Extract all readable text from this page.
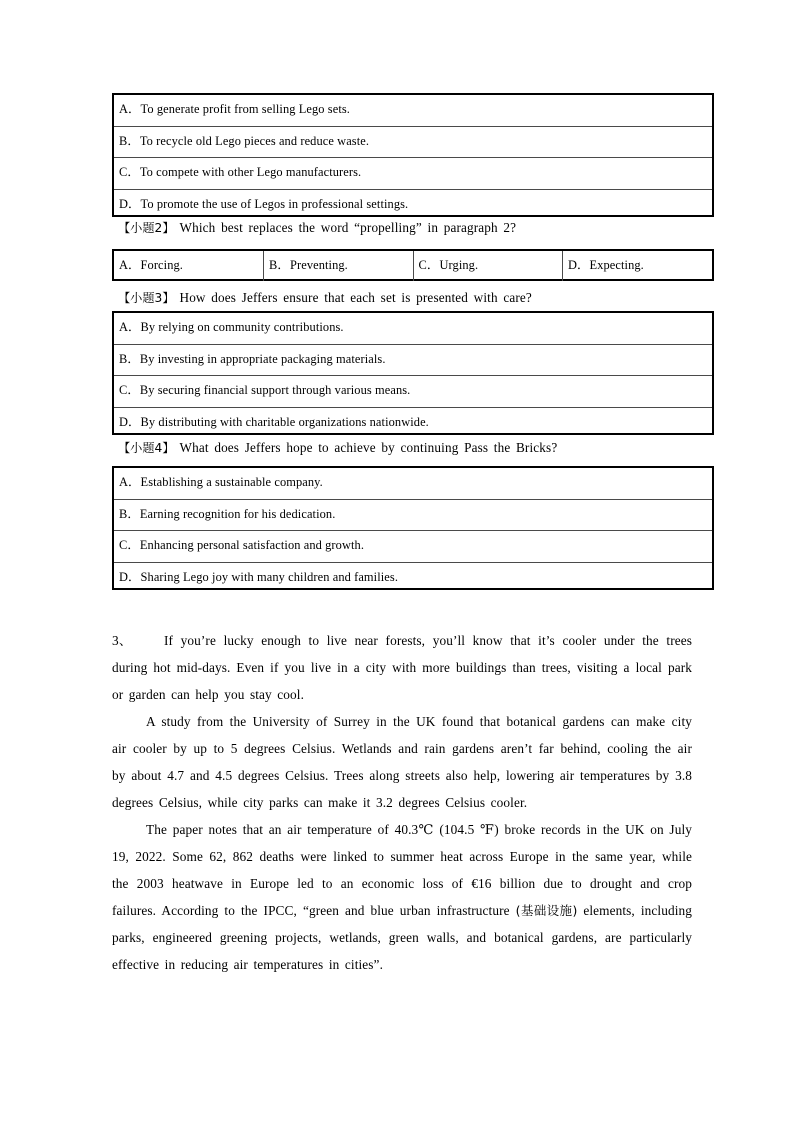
A．To generate profit from selling Lego sets.
B．To recycle old Lego pieces and reduce waste.
C．To compete with other Lego manufacturers.
D．To promote the use of Legos in professional settings.
【小题2】 Which best replaces the word “propelling” in paragraph 2?
A．Forcing.	B．Preventing.	C．Urging.	D．Expecting.
【小题3】 How does Jeffers ensure that each set is presented with care?
A．By relying on community contributions.
B．By investing in appropriate packaging materials.
C．By securing financial support through various means.
D．By distributing with charitable organizations nationwide.
【小题4】 What does Jeffers hope to achieve by continuing Pass the Bricks?
A．Establishing a sustainable company.
B．Earning recognition for his dedication.
C．Enhancing personal satisfaction and growth.
D．Sharing Lego joy with many children and families.

3、 If you’re lucky enough to live near forests, you’ll know that it’s cooler under the trees during hot mid-days. Even if you live in a city with more buildings than trees, visiting a local park or garden can help you stay cool.

A study from the University of Surrey in the UK found that botanical gardens can make city air cooler by up to 5 degrees Celsius. Wetlands and rain gardens aren’t far behind, cooling the air by about 4.7 and 4.5 degrees Celsius. Trees along streets also help, lowering air temperatures by 3.8 degrees Celsius, while city parks can make it 3.2 degrees Celsius cooler.

The paper notes that an air temperature of 40.3℃ (104.5 ℉) broke records in the UK on July 19, 2022. Some 62, 862 deaths were linked to summer heat across Europe in the same year, while the 2003 heatwave in Europe led to an economic loss of €16 billion due to drought and crop failures. According to the IPCC, “green and blue urban infrastructure (基础设施) elements, including parks, engineered greening projects, wetlands, green walls, and botanical gardens, are particularly effective in reducing air temperatures in cities”.
